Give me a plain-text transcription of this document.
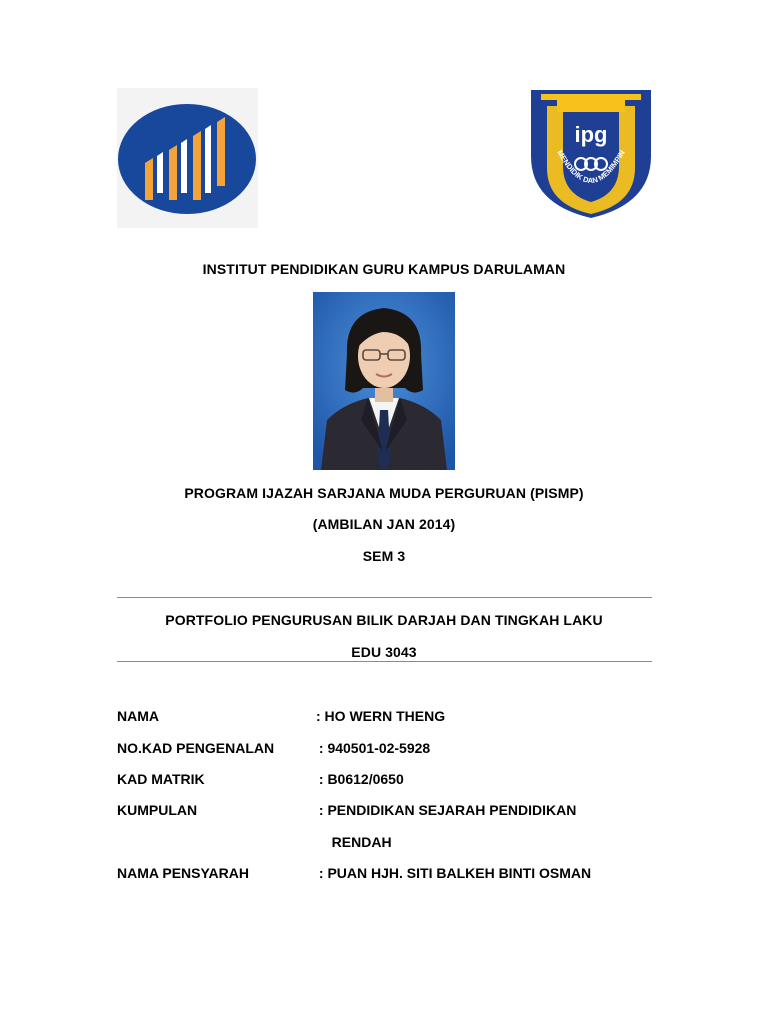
ipg
MENDIDIK DAN MEMIMPIN
INSTITUT PENDIDIKAN GURU KAMPUS DARULAMAN
PROGRAM IJAZAH SARJANA MUDA PERGURUAN (PISMP)
(AMBILAN JAN 2014)
SEM 3
PORTFOLIO PENGURUSAN BILIK DARJAH DAN TINGKAH LAKU
EDU 3043
NAMA	: HO WERN THENG
NO.KAD PENGENALAN	: 940501-02-5928
KAD MATRIK	: B0612/0650
KUMPULAN	: PENDIDIKAN SEJARAH PENDIDIKAN
RENDAH
NAMA PENSYARAH	: PUAN HJH. SITI BALKEH BINTI OSMAN
